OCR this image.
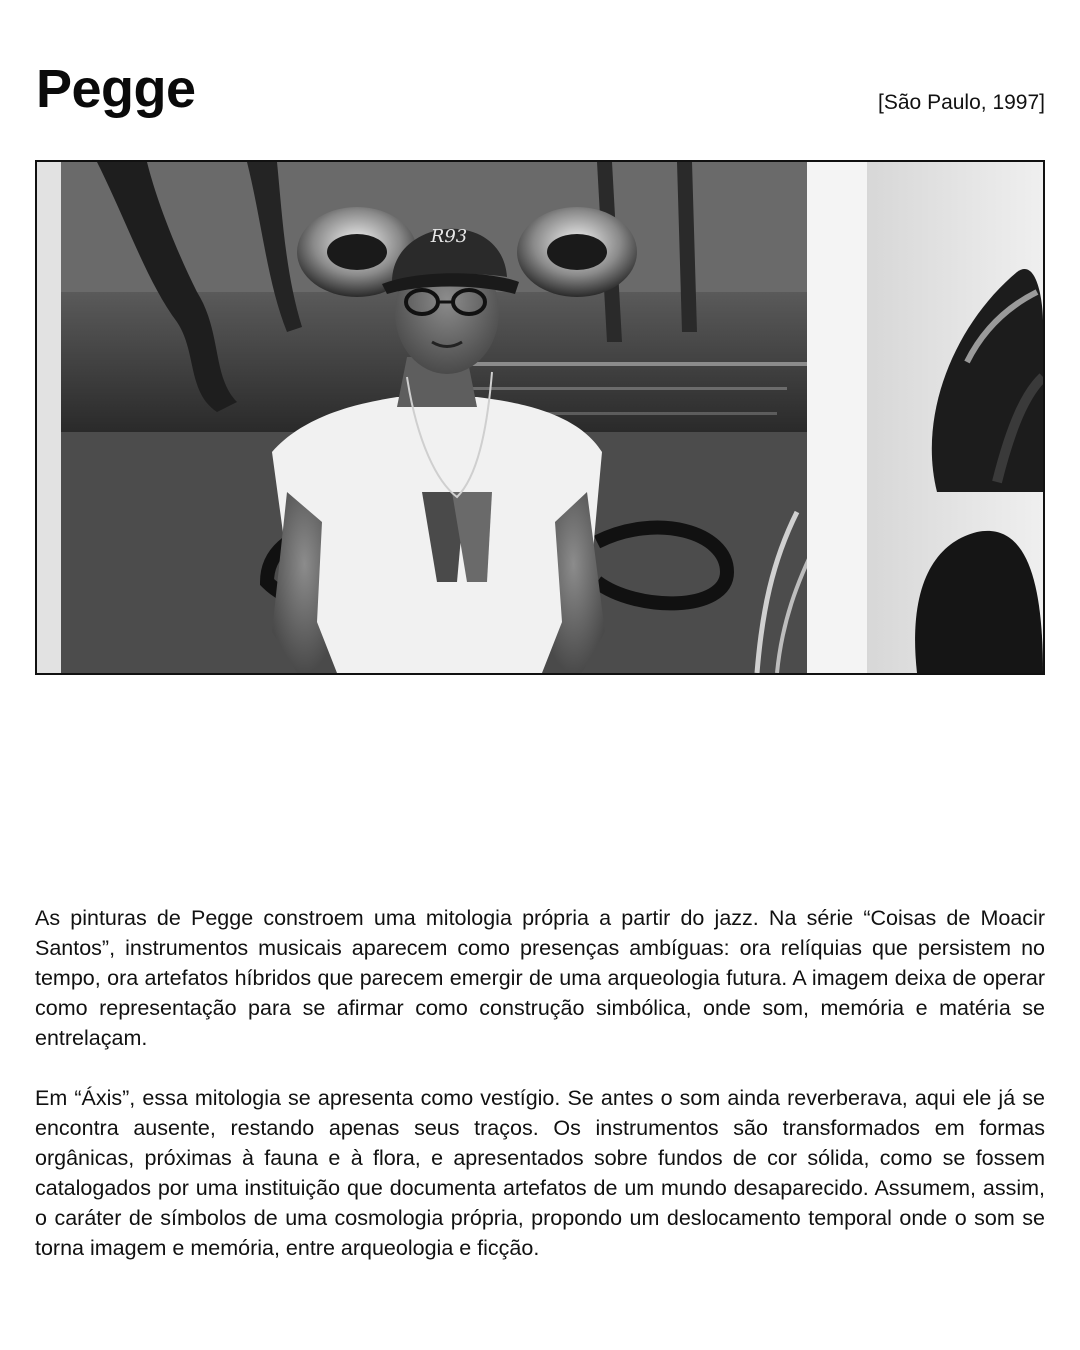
Pegge	[São Paulo, 1997]
R93

As pinturas de Pegge constroem uma mitologia própria a partir do jazz. Na série “Coisas de Moacir Santos”, instrumentos musicais aparecem como presenças ambíguas: ora relíquias que persistem no tempo, ora artefatos híbridos que parecem emergir de uma arqueologia futura. A imagem deixa de operar como representação para se afirmar como construção simbólica, onde som, memória e matéria se entrelaçam.

Em “Áxis”, essa mitologia se apresenta como vestígio. Se antes o som ainda reverberava, aqui ele já se encontra ausente, restando apenas seus traços. Os instrumentos são transformados em formas orgânicas, próximas à fauna e à flora, e apresentados sobre fundos de cor sólida, como se fossem catalogados por uma instituição que documenta artefatos de um mundo desaparecido. Assumem, assim, o caráter de símbolos de uma cosmologia própria, propondo um deslocamento temporal onde o som se torna imagem e memória, entre arqueologia e ficção.
